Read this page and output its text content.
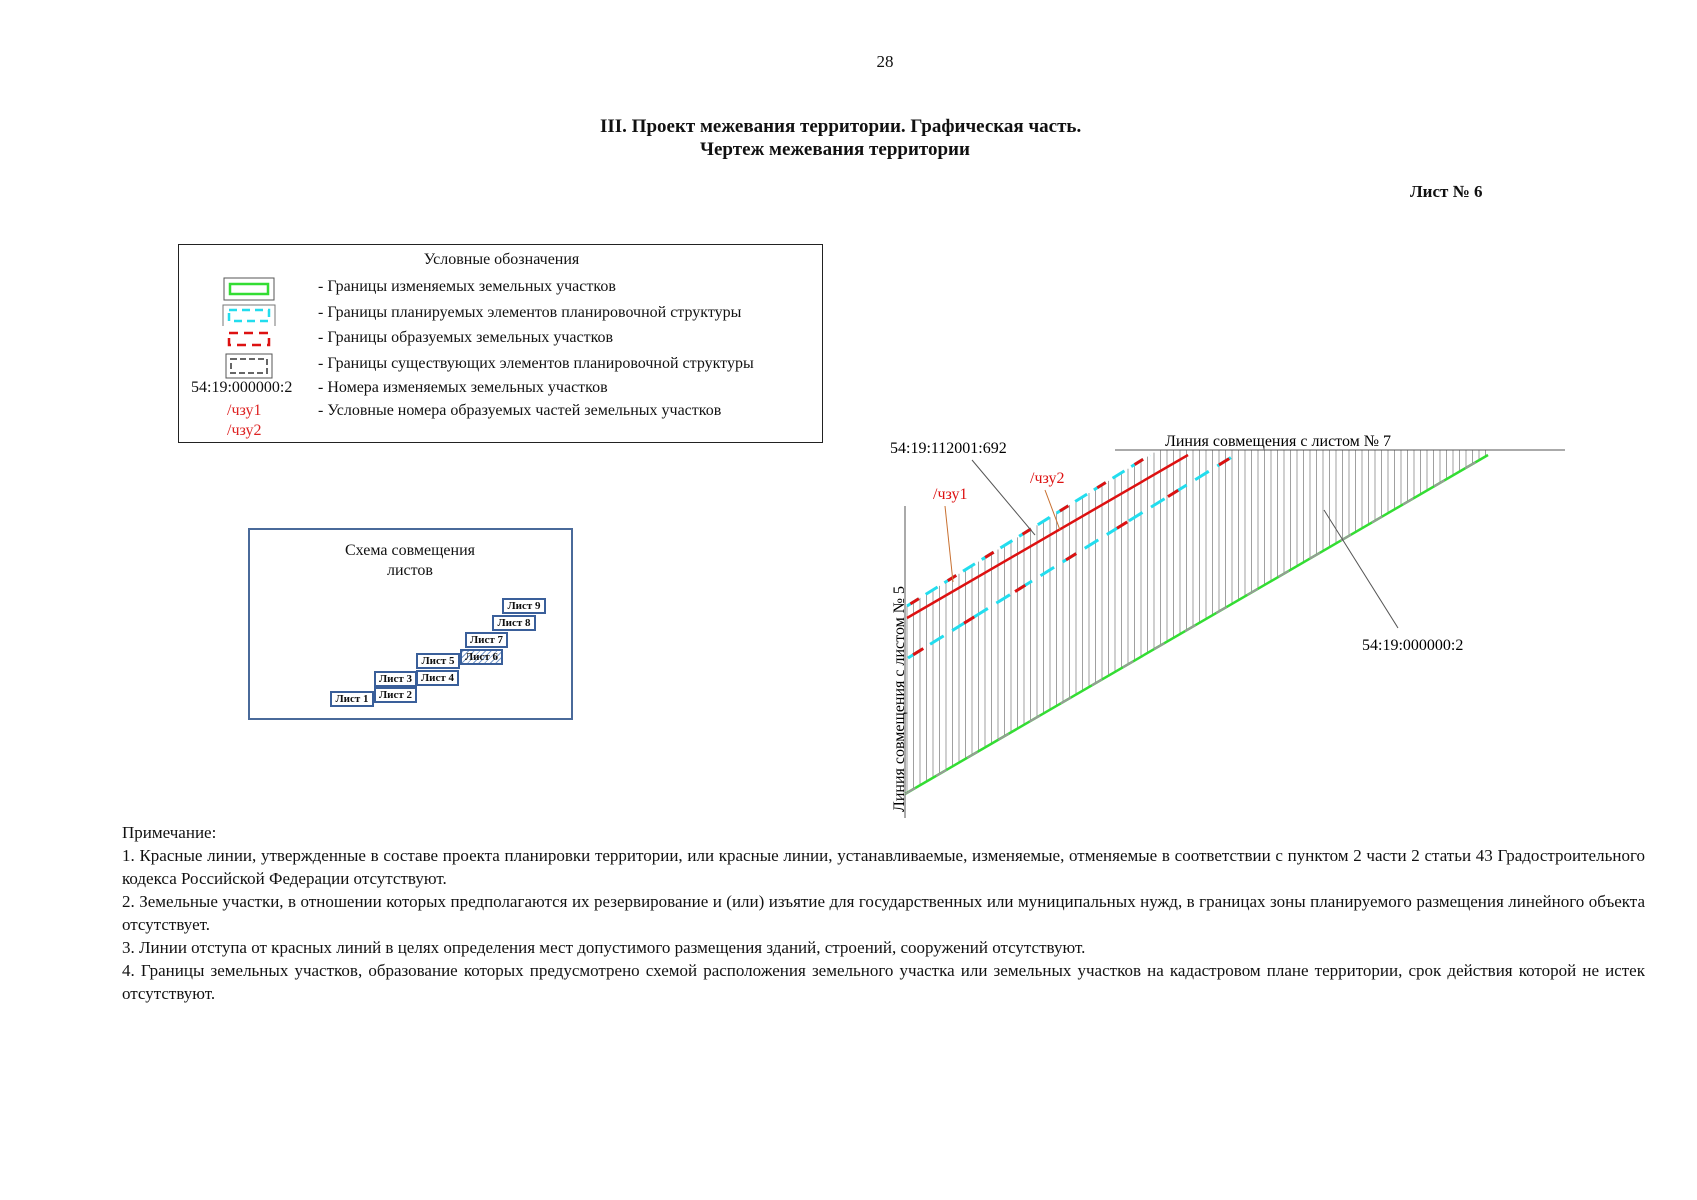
28
III. Проект межевания территории. Графическая часть.
Чертеж межевания территории
Лист № 6
Условные обозначения
- Границы изменяемых земельных участков
- Границы планируемых элементов планировочной структуры
- Границы образуемых земельных участков
- Границы существующих элементов планировочной структуры
54:19:000000:2 - Номера изменяемых земельных участков
/чзу1
/чзу2
- Условные номера образуемых частей земельных участков
Схема совмещения
листов
Лист 1 Лист 2
Лист 3 Лист 4
Лист 5 Лист 6
Лист 7
Лист 8
Лист 9
Линия совмещения с листом № 7
Линия совмещения с листом № 5
54:19:112001:692
54:19:000000:2
/чзу1
/чзу2

Примечание:

1. Красные линии, утвержденные в составе проекта планировки территории, или красные линии, устанавливаемые, изменяемые, отменяемые в соответствии с пунктом 2 части 2 статьи 43 Градостроительного кодекса Российской Федерации отсутствуют.

2. Земельные участки, в отношении которых предполагаются их резервирование и (или) изъятие для государственных или муниципальных нужд, в границах зоны планируемого размещения линейного объекта отсутствует.

3. Линии отступа от красных линий в целях определения мест допустимого размещения зданий, строений, сооружений отсутствуют.

4. Границы земельных участков, образование которых предусмотрено схемой расположения земельного участка или земельных участков на кадастровом плане территории, срок действия которой не истек отсутствуют.
